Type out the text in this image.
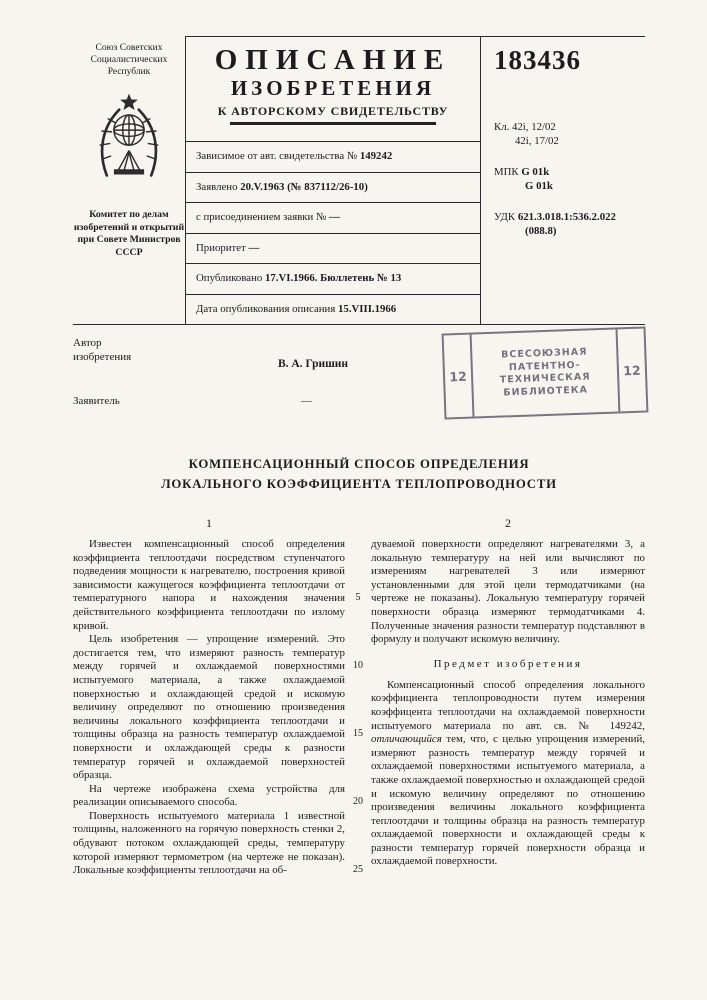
Союз Советских
Социалистических
Республик
Комитет по делам
изобретений и открытий
при Совете Министров
СССР
ОПИСАНИЕ
ИЗОБРЕТЕНИЯ
К АВТОРСКОМУ СВИДЕТЕЛЬСТВУ
Зависимое от авт. свидетельства № 149242
Заявлено 20.V.1963 (№ 837112/26-10)
с присоединением заявки № —
Приоритет —
Опубликовано 17.VI.1966. Бюллетень № 13
Дата опубликования описания 15.VIII.1966
183436
Кл. 42i, 12/02
42i, 17/02
МПК G 01k
G 01k
УДК 621.3.018.1:536.2.022
(088.8)
Автор
изобретения
В. А. Гришин
Заявитель	—
12
ВСЕСОЮЗНАЯ
ПАТЕНТНО-
ТЕХНИЧЕСКАЯ
БИБЛИОТЕКА
12
КОМПЕНСАЦИОННЫЙ СПОСОБ ОПРЕДЕЛЕНИЯ
ЛОКАЛЬНОГО КОЭФФИЦИЕНТА ТЕПЛОПРОВОДНОСТИ
1

Известен компенсационный способ определения коэффициента теплоотдачи посредством ступенчатого подведения мощности к нагревателю, построения кривой зависимости кажущегося коэффициента теплоотдачи от температурного напора и нахождения значения действительного коэффициента теплоотдачи по излому кривой.

Цель изобретения — упрощение измерений. Это достигается тем, что измеряют разность температур между горячей и охлаждаемой поверхностями испытуемого материала, а также охлаждаемой поверхностью и охлаждающей средой и искомую величину определяют по отношению произведения величины локального коэффициента теплоотдачи и толщины образца на разность температур охлаждаемой поверхности и охлаждающей среды к разности температур горячей и охлаждаемой поверхностей образца.

На чертеже изображена схема устройства для реализации описываемого способа.

Поверхность испытуемого материала 1 известной толщины, наложенного на горячую поверхность стенки 2, обдувают потоком охлаждающей среды, температуру которой измеряют термометром (на чертеже не показан). Локальные коэффициенты теплоотдачи на об-

5
10
15
20
25
2

дуваемой поверхности определяют нагревателями 3, а локальную температуру на ней или вычисляют по измерениям нагревателей 3 или измеряют установленными для этой цели термодатчиками (на чертеже не показаны). Локальную температуру горячей поверхности образца измеряют термодатчиками 4. Полученные значения разности температур подставляют в формулу и получают искомую величину.

Предмет изобретения

Компенсационный способ определения локального коэффициента теплопроводности путем измерения коэффицента теплоотдачи на охлаждаемой поверхности испытуемого материала по авт. св. № 149242, отличающийся тем, что, с целью упрощения измерений, измеряют разность температур между горячей и охлаждаемой поверхностями испытуемого материала, а также охлаждаемой поверхностью и охлаждающей средой и искомую величину определяют по отношению произведения величины локального коэффициента теплоотдачи и толщины образца на разность температур охлаждаемой поверхности и охлаждающей среды к разности температур горячей поверхности образца и охлаждаемой поверхности.
